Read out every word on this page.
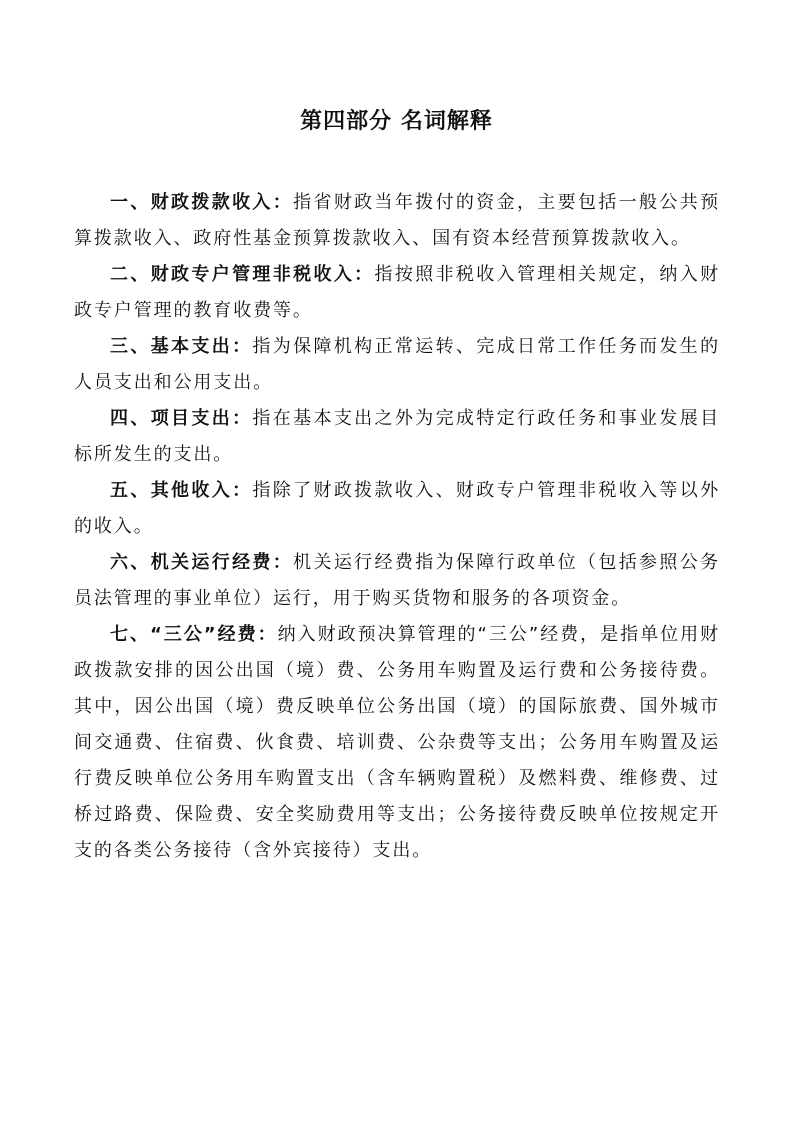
第四部分 名词解释

一、财政拨款收入：指省财政当年拨付的资金，主要包括一般公共预算拨款收入、政府性基金预算拨款收入、国有资本经营预算拨款收入。

二、财政专户管理非税收入：指按照非税收入管理相关规定，纳入财政专户管理的教育收费等。

三、基本支出：指为保障机构正常运转、完成日常工作任务而发生的人员支出和公用支出。

四、项目支出：指在基本支出之外为完成特定行政任务和事业发展目标所发生的支出。

五、其他收入：指除了财政拨款收入、财政专户管理非税收入等以外的收入。

六、机关运行经费：机关运行经费指为保障行政单位（包括参照公务员法管理的事业单位）运行，用于购买货物和服务的各项资金。

七、“三公”经费：纳入财政预决算管理的“三公”经费，是指单位用财政拨款安排的因公出国（境）费、公务用车购置及运行费和公务接待费。其中，因公出国（境）费反映单位公务出国（境）的国际旅费、国外城市间交通费、住宿费、伙食费、培训费、公杂费等支出；公务用车购置及运行费反映单位公务用车购置支出（含车辆购置税）及燃料费、维修费、过桥过路费、保险费、安全奖励费用等支出；公务接待费反映单位按规定开支的各类公务接待（含外宾接待）支出。
